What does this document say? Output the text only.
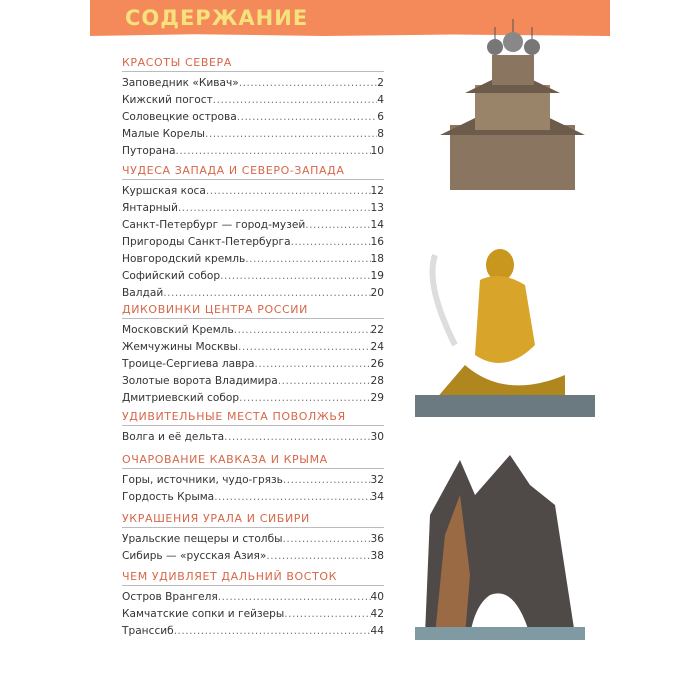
СОДЕРЖАНИЕ
КРАСОТЫ СЕВЕРА
Заповедник «Кивач» .....	2
Кижский погост .....	4
Соловецкие острова .....	6
Малые Корелы .....	8
Путорана .....	10
ЧУДЕСА ЗАПАДА И СЕВЕРО-ЗАПАДА
Куршская коса .....	12
Янтарный .....	13
Санкт-Петербург — город-музей .....	14
Пригороды Санкт-Петербурга .....	16
Новгородский кремль .....	18
Софийский собор .....	19
Валдай .....	20
ДИКОВИНКИ ЦЕНТРА РОССИИ
Московский Кремль .....	22
Жемчужины Москвы .....	24
Троице-Сергиева лавра .....	26
Золотые ворота Владимира .....	28
Дмитриевский собор .....	29
УДИВИТЕЛЬНЫЕ МЕСТА ПОВОЛЖЬЯ
Волга и её дельта .....	30
ОЧАРОВАНИЕ КАВКАЗА И КРЫМА
Горы, источники, чудо-грязь .....	32
Гордость Крыма .....	34
УКРАШЕНИЯ УРАЛА И СИБИРИ
Уральские пещеры и столбы .....	36
Сибирь — «русская Азия» .....	38
ЧЕМ УДИВЛЯЕТ ДАЛЬНИЙ ВОСТОК
Остров Врангеля .....	40
Камчатские сопки и гейзеры .....	42
Транссиб .....	44
